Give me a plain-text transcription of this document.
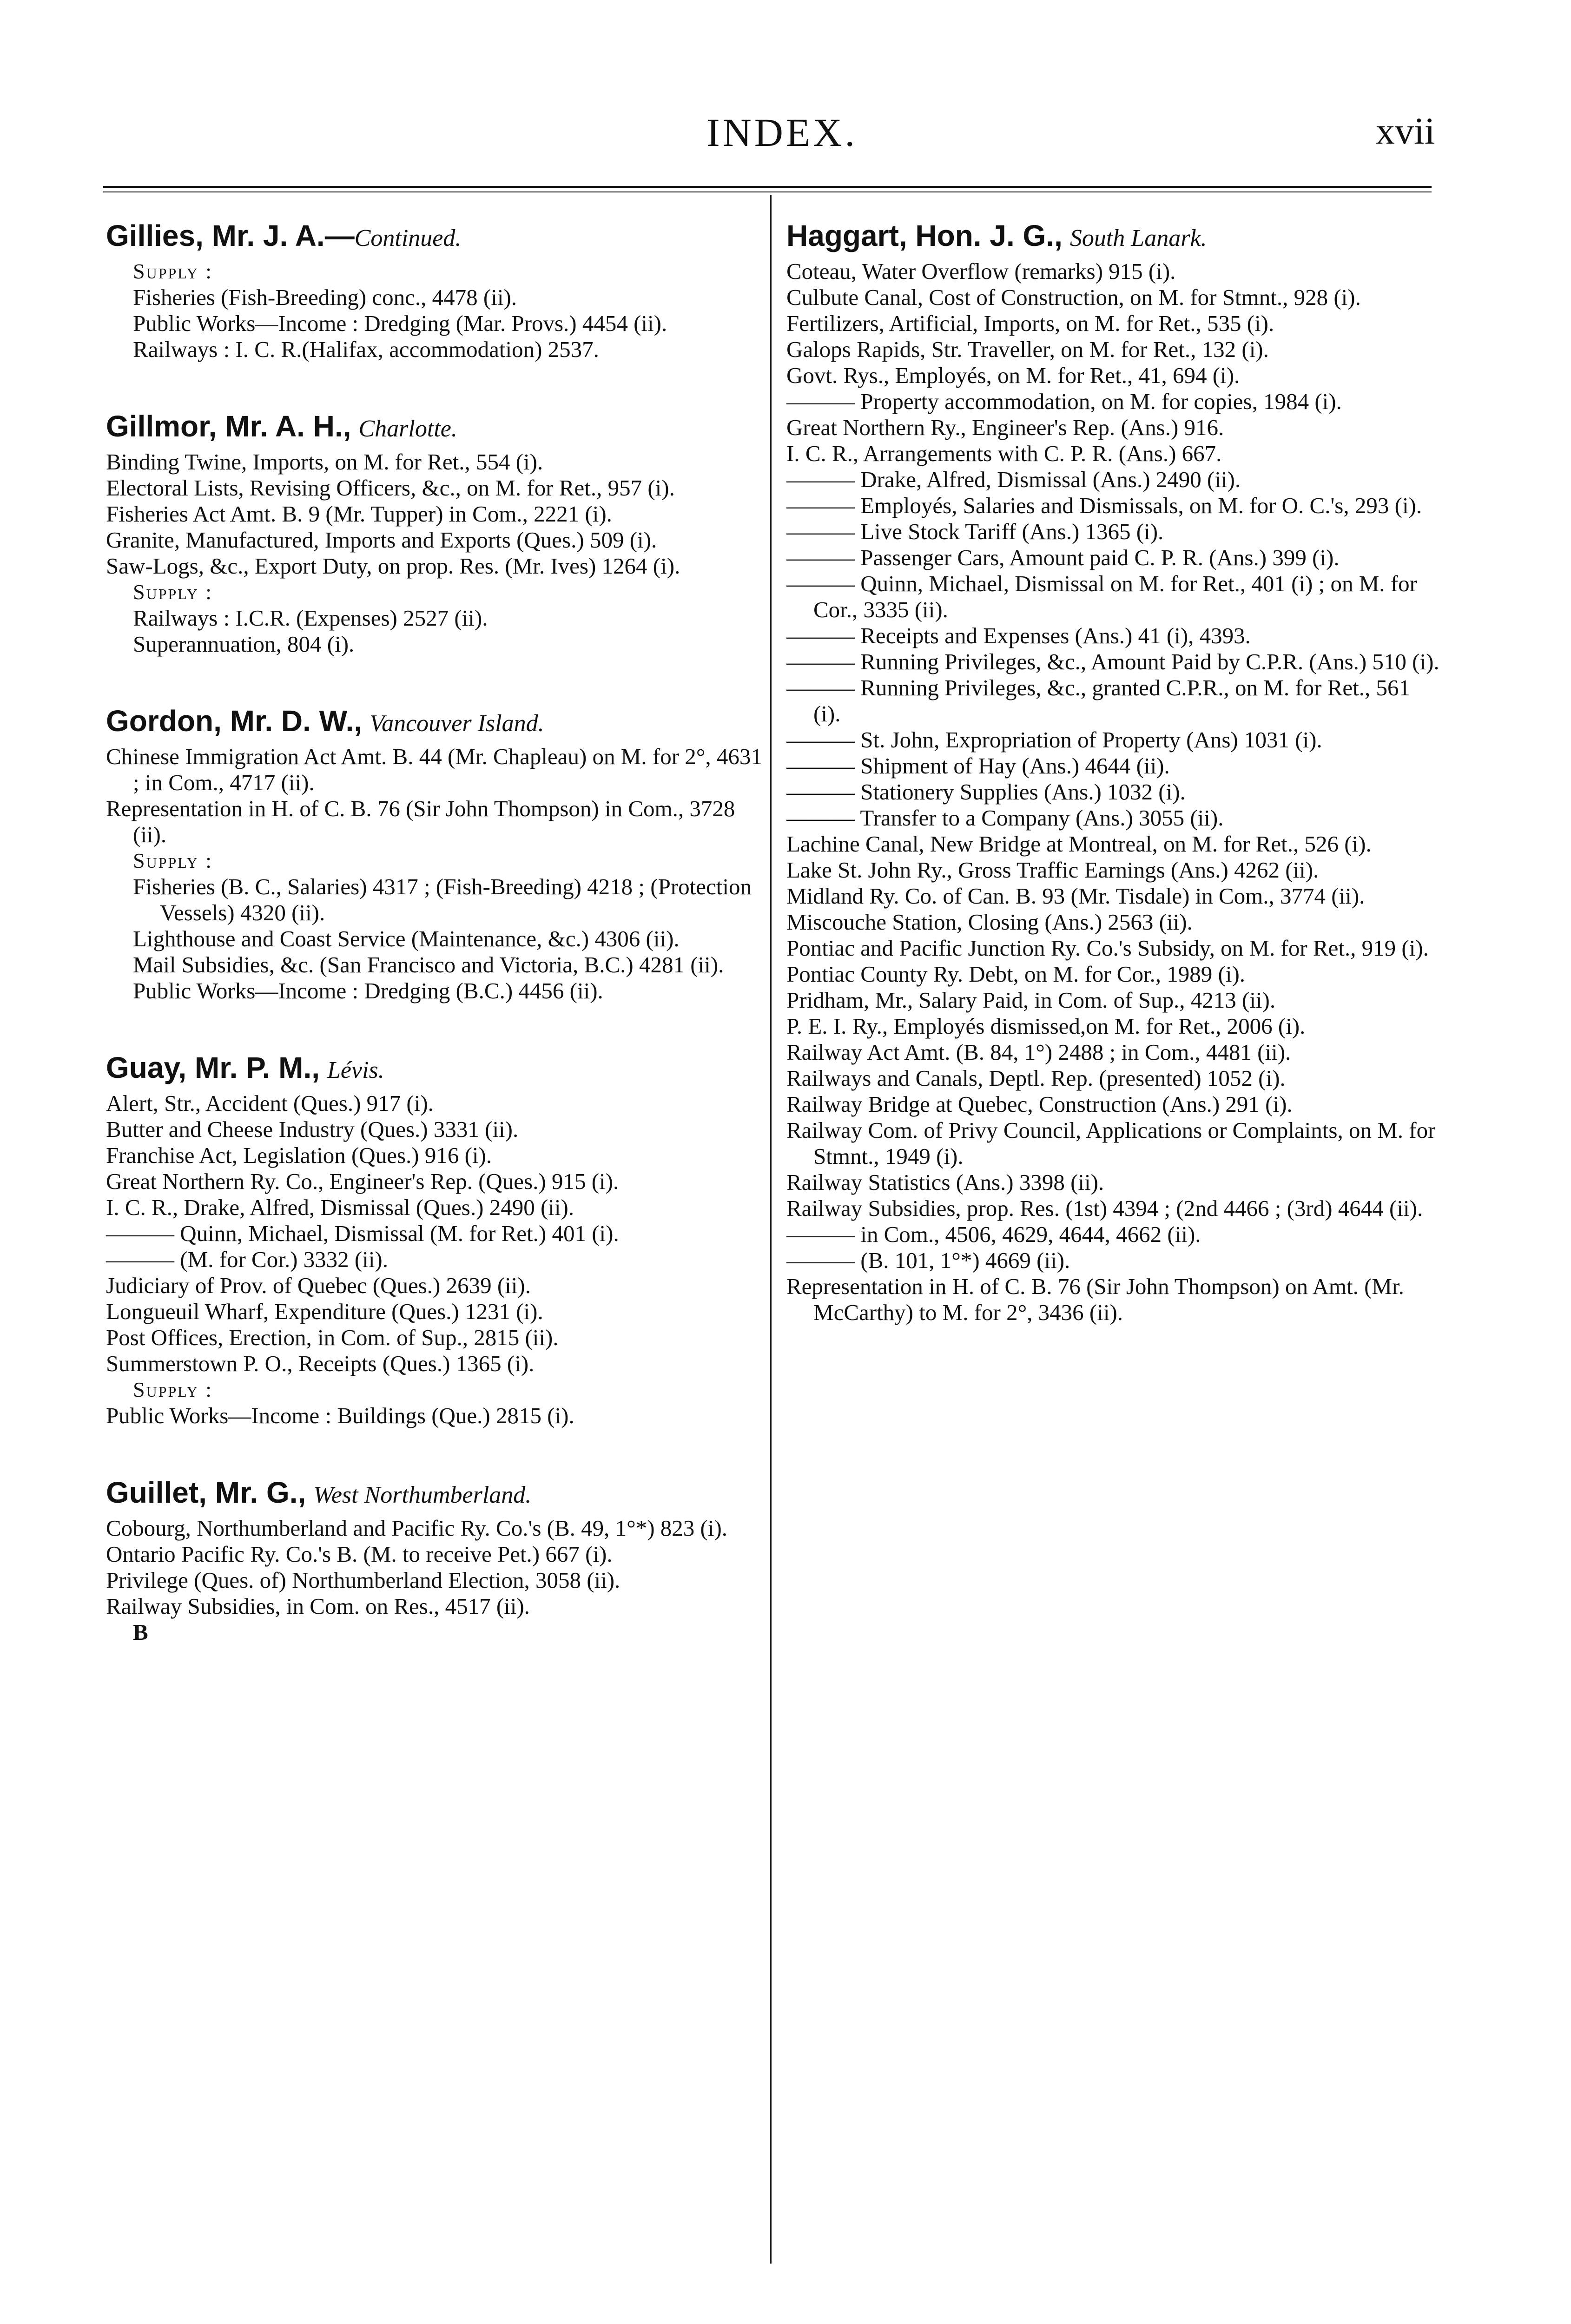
INDEX.	xvii
Gillies, Mr. J. A.—Continued.
Supply :
Fisheries (Fish-Breeding) conc., 4478 (ii).
Public Works—Income : Dredging (Mar. Provs.) 4454 (ii).
Railways : I. C. R.(Halifax, accommodation) 2537.
Gillmor, Mr. A. H., Charlotte.
Binding Twine, Imports, on M. for Ret., 554 (i).
Electoral Lists, Revising Officers, &c., on M. for Ret., 957 (i).
Fisheries Act Amt. B. 9 (Mr. Tupper) in Com., 2221 (i).
Granite, Manufactured, Imports and Exports (Ques.) 509 (i).
Saw-Logs, &c., Export Duty, on prop. Res. (Mr. Ives) 1264 (i).
Supply :
Railways : I.C.R. (Expenses) 2527 (ii).
Superannuation, 804 (i).
Gordon, Mr. D. W., Vancouver Island.
Chinese Immigration Act Amt. B. 44 (Mr. Chapleau) on M. for 2°, 4631 ; in Com., 4717 (ii).
Representation in H. of C. B. 76 (Sir John Thompson) in Com., 3728 (ii).
Supply :
Fisheries (B. C., Salaries) 4317 ; (Fish-Breeding) 4218 ; (Protection Vessels) 4320 (ii).
Lighthouse and Coast Service (Maintenance, &c.) 4306 (ii).
Mail Subsidies, &c. (San Francisco and Victoria, B.C.) 4281 (ii).
Public Works—Income : Dredging (B.C.) 4456 (ii).
Guay, Mr. P. M., Lévis.
Alert, Str., Accident (Ques.) 917 (i).
Butter and Cheese Industry (Ques.) 3331 (ii).
Franchise Act, Legislation (Ques.) 916 (i).
Great Northern Ry. Co., Engineer's Rep. (Ques.) 915 (i).
I. C. R., Drake, Alfred, Dismissal (Ques.) 2490 (ii).
——— Quinn, Michael, Dismissal (M. for Ret.) 401 (i).
——— (M. for Cor.) 3332 (ii).
Judiciary of Prov. of Quebec (Ques.) 2639 (ii).
Longueuil Wharf, Expenditure (Ques.) 1231 (i).
Post Offices, Erection, in Com. of Sup., 2815 (ii).
Summerstown P. O., Receipts (Ques.) 1365 (i).
Supply :
Public Works—Income : Buildings (Que.) 2815 (i).
Guillet, Mr. G., West Northumberland.
Cobourg, Northumberland and Pacific Ry. Co.'s (B. 49, 1°*) 823 (i).
Ontario Pacific Ry. Co.'s B. (M. to receive Pet.) 667 (i).
Privilege (Ques. of) Northumberland Election, 3058 (ii).
Railway Subsidies, in Com. on Res., 4517 (ii).
B
Haggart, Hon. J. G., South Lanark.
Coteau, Water Overflow (remarks) 915 (i).
Culbute Canal, Cost of Construction, on M. for Stmnt., 928 (i).
Fertilizers, Artificial, Imports, on M. for Ret., 535 (i).
Galops Rapids, Str. Traveller, on M. for Ret., 132 (i).
Govt. Rys., Employés, on M. for Ret., 41, 694 (i).
——— Property accommodation, on M. for copies, 1984 (i).
Great Northern Ry., Engineer's Rep. (Ans.) 916.
I. C. R., Arrangements with C. P. R. (Ans.) 667.
——— Drake, Alfred, Dismissal (Ans.) 2490 (ii).
——— Employés, Salaries and Dismissals, on M. for O. C.'s, 293 (i).
——— Live Stock Tariff (Ans.) 1365 (i).
——— Passenger Cars, Amount paid C. P. R. (Ans.) 399 (i).
——— Quinn, Michael, Dismissal on M. for Ret., 401 (i) ; on M. for Cor., 3335 (ii).
——— Receipts and Expenses (Ans.) 41 (i), 4393.
——— Running Privileges, &c., Amount Paid by C.P.R. (Ans.) 510 (i).
——— Running Privileges, &c., granted C.P.R., on M. for Ret., 561 (i).
——— St. John, Expropriation of Property (Ans) 1031 (i).
——— Shipment of Hay (Ans.) 4644 (ii).
——— Stationery Supplies (Ans.) 1032 (i).
——— Transfer to a Company (Ans.) 3055 (ii).
Lachine Canal, New Bridge at Montreal, on M. for Ret., 526 (i).
Lake St. John Ry., Gross Traffic Earnings (Ans.) 4262 (ii).
Midland Ry. Co. of Can. B. 93 (Mr. Tisdale) in Com., 3774 (ii).
Miscouche Station, Closing (Ans.) 2563 (ii).
Pontiac and Pacific Junction Ry. Co.'s Subsidy, on M. for Ret., 919 (i).
Pontiac County Ry. Debt, on M. for Cor., 1989 (i).
Pridham, Mr., Salary Paid, in Com. of Sup., 4213 (ii).
P. E. I. Ry., Employés dismissed,on M. for Ret., 2006 (i).
Railway Act Amt. (B. 84, 1°) 2488 ; in Com., 4481 (ii).
Railways and Canals, Deptl. Rep. (presented) 1052 (i).
Railway Bridge at Quebec, Construction (Ans.) 291 (i).
Railway Com. of Privy Council, Applications or Complaints, on M. for Stmnt., 1949 (i).
Railway Statistics (Ans.) 3398 (ii).
Railway Subsidies, prop. Res. (1st) 4394 ; (2nd 4466 ; (3rd) 4644 (ii).
——— in Com., 4506, 4629, 4644, 4662 (ii).
——— (B. 101, 1°*) 4669 (ii).
Representation in H. of C. B. 76 (Sir John Thompson) on Amt. (Mr. McCarthy) to M. for 2°, 3436 (ii).
